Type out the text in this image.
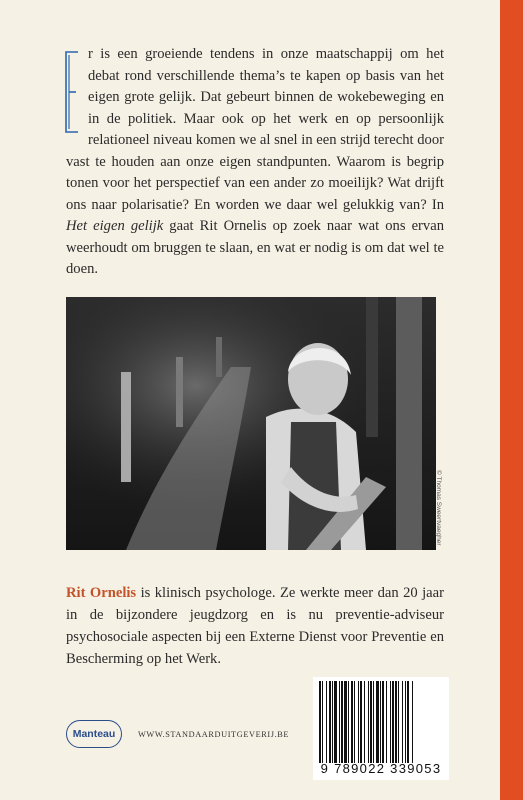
r is een groeiende tendens in onze maatschappij om het debat rond verschillende thema’s te kapen op basis van het eigen grote gelijk. Dat gebeurt binnen de wokebeweging en in de politiek. Maar ook op het werk en op persoonlijk relationeel niveau komen we al snel in een strijd terecht door vast te houden aan onze eigen standpunten. Waarom is begrip tonen voor het perspectief van een ander zo moeilijk? Wat drijft ons naar polarisatie? En worden we daar wel gelukkig van? In Het eigen gelijk gaat Rit Ornelis op zoek naar wat ons ervan weerhoudt om bruggen te slaan, en wat er nodig is om dat wel te doen.

© Thomas Sweertvaegher
Rit Ornelis is klinisch psychologe. Ze werkte meer dan 20 jaar in de bijzondere jeugdzorg en is nu preventie-adviseur psychosociale aspecten bij een Externe Dienst voor Preventie en Bescherming op het Werk.
Manteau	WWW.STANDAARDUITGEVERIJ.BE
9 789022 339053
